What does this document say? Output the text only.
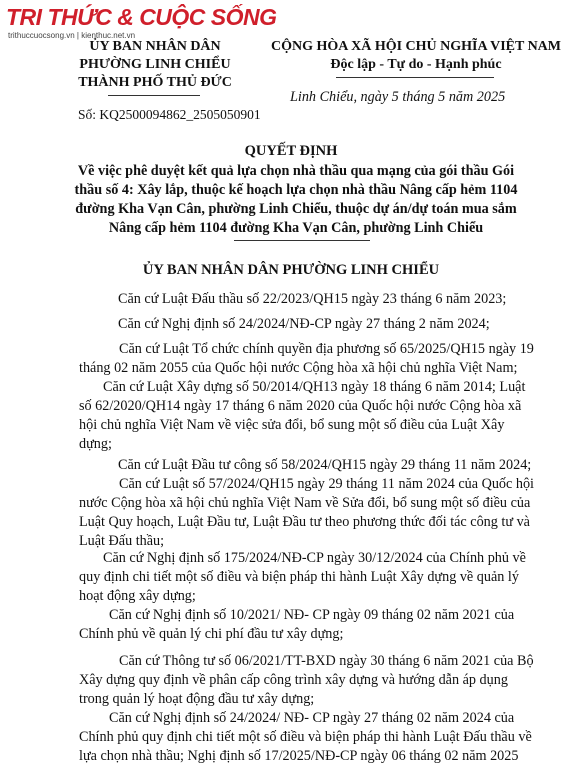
TRI THỨC & CUỘC SỐNG
trithuccuocsong.vn | kienthuc.net.vn
ỦY BAN NHÂN DÂN
PHƯỜNG LINH CHIỂU
THÀNH PHỐ THỦ ĐỨC
CỘNG HÒA XÃ HỘI CHỦ NGHĨA VIỆT NAM
Độc lập - Tự do - Hạnh phúc
Linh Chiểu, ngày 5 tháng 5 năm 2025
Số: KQ2500094862_2505050901
QUYẾT ĐỊNH
Về việc phê duyệt kết quả lựa chọn nhà thầu qua mạng của gói thầu Gói
thầu số 4: Xây lắp, thuộc kế hoạch lựa chọn nhà thầu Nâng cấp hẻm 1104
đường Kha Vạn Cân, phường Linh Chiểu, thuộc dự án/dự toán mua sắm
Nâng cấp hẻm 1104 đường Kha Vạn Cân, phường Linh Chiểu
ỦY BAN NHÂN DÂN PHƯỜNG LINH CHIỂU
Căn cứ Luật Đấu thầu số 22/2023/QH15 ngày 23 tháng 6 năm 2023;
Căn cứ Nghị định số 24/2024/NĐ-CP ngày 27 tháng 2 năm 2024;
Căn cứ Luật Tổ chức chính quyền địa phương số 65/2025/QH15 ngày 19
tháng 02 năm 2055 của Quốc hội nước Cộng hòa xã hội chủ nghĩa Việt Nam;
Căn cứ Luật Xây dựng số 50/2014/QH13 ngày 18 tháng 6 năm 2014; Luật
số 62/2020/QH14 ngày 17 tháng 6 năm 2020 của Quốc hội nước Cộng hòa xã
hội chủ nghĩa Việt Nam về việc sửa đổi, bổ sung một số điều của Luật Xây
dựng;
Căn cứ Luật Đầu tư công số 58/2024/QH15 ngày 29 tháng 11 năm 2024;
Căn cứ Luật số 57/2024/QH15 ngày 29 tháng 11 năm 2024 của Quốc hội
nước Cộng hòa xã hội chủ nghĩa Việt Nam về Sửa đổi, bổ sung một số điều của
Luật Quy hoạch, Luật Đầu tư, Luật Đầu tư theo phương thức đối tác công tư và
Luật Đấu thầu;
Căn cứ Nghị định số 175/2024/NĐ-CP ngày 30/12/2024 của Chính phủ về
quy định chi tiết một số điều và biện pháp thi hành Luật Xây dựng về quản lý
hoạt động xây dựng;
Căn cứ Nghị định số 10/2021/ NĐ- CP ngày 09 tháng 02 năm 2021 của
Chính phủ về quản lý chi phí đầu tư xây dựng;
Căn cứ Thông tư số 06/2021/TT-BXD ngày 30 tháng 6 năm 2021 của Bộ
Xây dựng quy định về phân cấp công trình xây dựng và hướng dẫn áp dụng
trong quản lý hoạt động đầu tư xây dựng;
Căn cứ Nghị định số 24/2024/ NĐ- CP ngày 27 tháng 02 năm 2024 của
Chính phủ quy định chi tiết một số điều và biện pháp thi hành Luật Đấu thầu về
lựa chọn nhà thầu; Nghị định số 17/2025/NĐ-CP ngày 06 tháng 02 năm 2025
